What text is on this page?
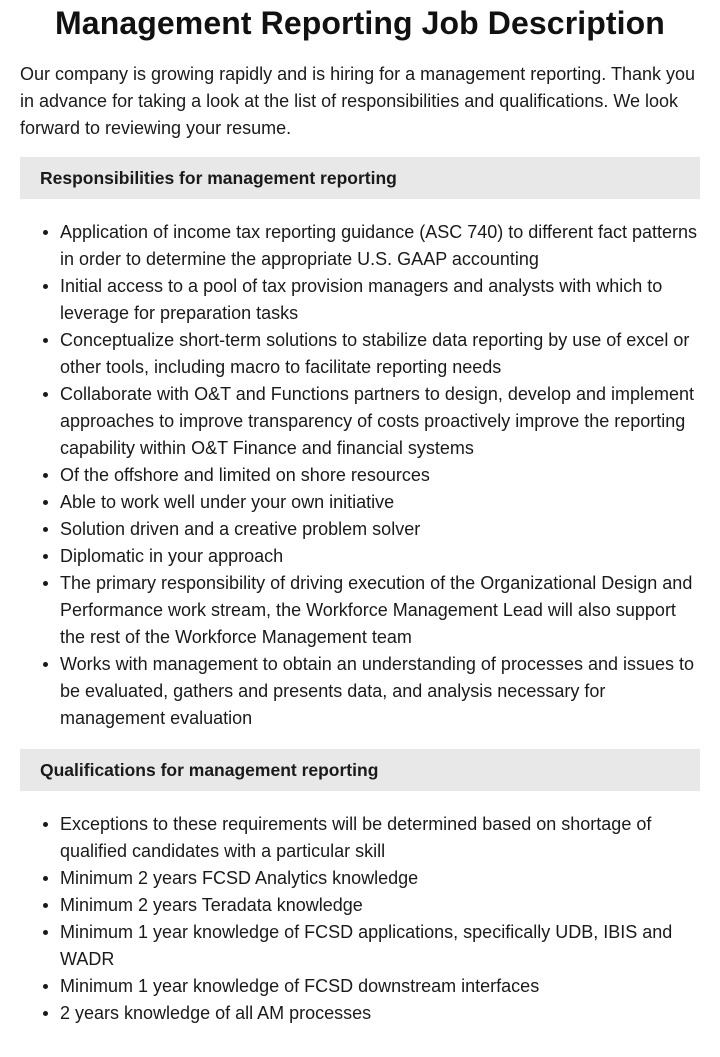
Management Reporting Job Description

Our company is growing rapidly and is hiring for a management reporting. Thank you in advance for taking a look at the list of responsibilities and qualifications. We look forward to reviewing your resume.

Responsibilities for management reporting
Application of income tax reporting guidance (ASC 740) to different fact patterns in order to determine the appropriate U.S. GAAP accounting
Initial access to a pool of tax provision managers and analysts with which to leverage for preparation tasks
Conceptualize short-term solutions to stabilize data reporting by use of excel or other tools, including macro to facilitate reporting needs
Collaborate with O&T and Functions partners to design, develop and implement approaches to improve transparency of costs proactively improve the reporting capability within O&T Finance and financial systems
Of the offshore and limited on shore resources
Able to work well under your own initiative
Solution driven and a creative problem solver
Diplomatic in your approach
The primary responsibility of driving execution of the Organizational Design and Performance work stream, the Workforce Management Lead will also support the rest of the Workforce Management team
Works with management to obtain an understanding of processes and issues to be evaluated, gathers and presents data, and analysis necessary for management evaluation
Qualifications for management reporting
Exceptions to these requirements will be determined based on shortage of qualified candidates with a particular skill
Minimum 2 years FCSD Analytics knowledge
Minimum 2 years Teradata knowledge
Minimum 1 year knowledge of FCSD applications, specifically UDB, IBIS and WADR
Minimum 1 year knowledge of FCSD downstream interfaces
2 years knowledge of all AM processes
